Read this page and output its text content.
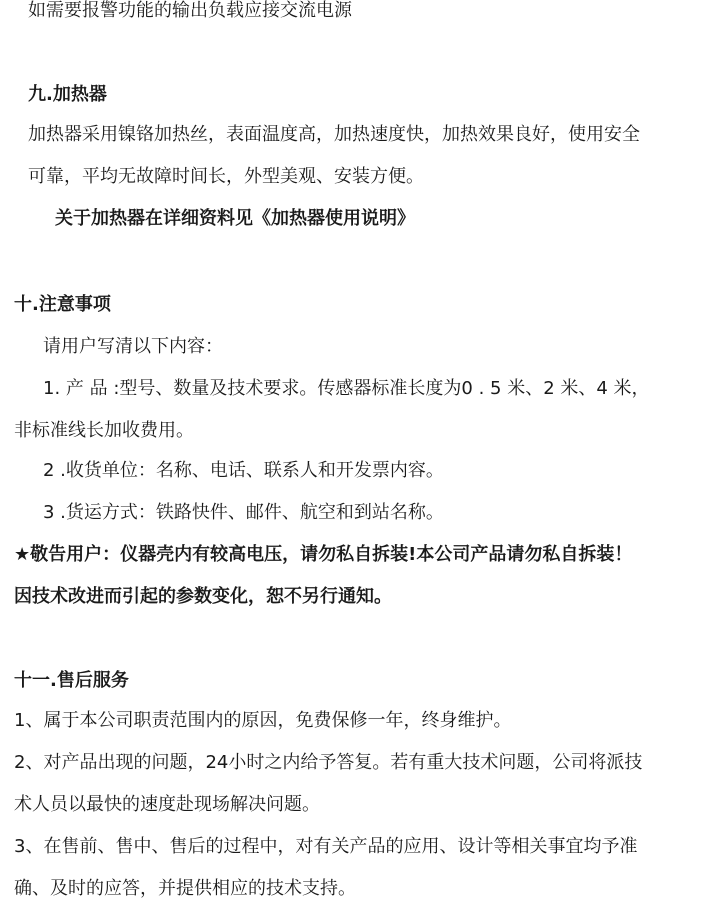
如需要报警功能的输出负载应接交流电源
九.加热器
加热器采用镍铬加热丝，表面温度高，加热速度快，加热效果良好，使用安全
可靠，平均无故障时间长，外型美观、安装方便。
关于加热器在详细资料见《加热器使用说明》
十.注意事项
请用户写清以下内容：
1. 产 品 :型号、数量及技术要求。传感器标准长度为0 . 5 米、2 米、4 米，
非标准线长加收费用。
2 .收货单位：名称、电话、联系人和开发票内容。
3 .货运方式：铁路快件、邮件、航空和到站名称。
★敬告用户：仪器壳内有较高电压，请勿私自拆装!本公司产品请勿私自拆装！
因技术改进而引起的参数变化，恕不另行通知。
十一.售后服务
1、属于本公司职责范围内的原因，免费保修一年，终身维护。
2、对产品出现的问题，24小时之内给予答复。若有重大技术问题，公司将派技
术人员以最快的速度赴现场解决问题。
3、在售前、售中、售后的过程中，对有关产品的应用、设计等相关事宜均予准
确、及时的应答，并提供相应的技术支持。
